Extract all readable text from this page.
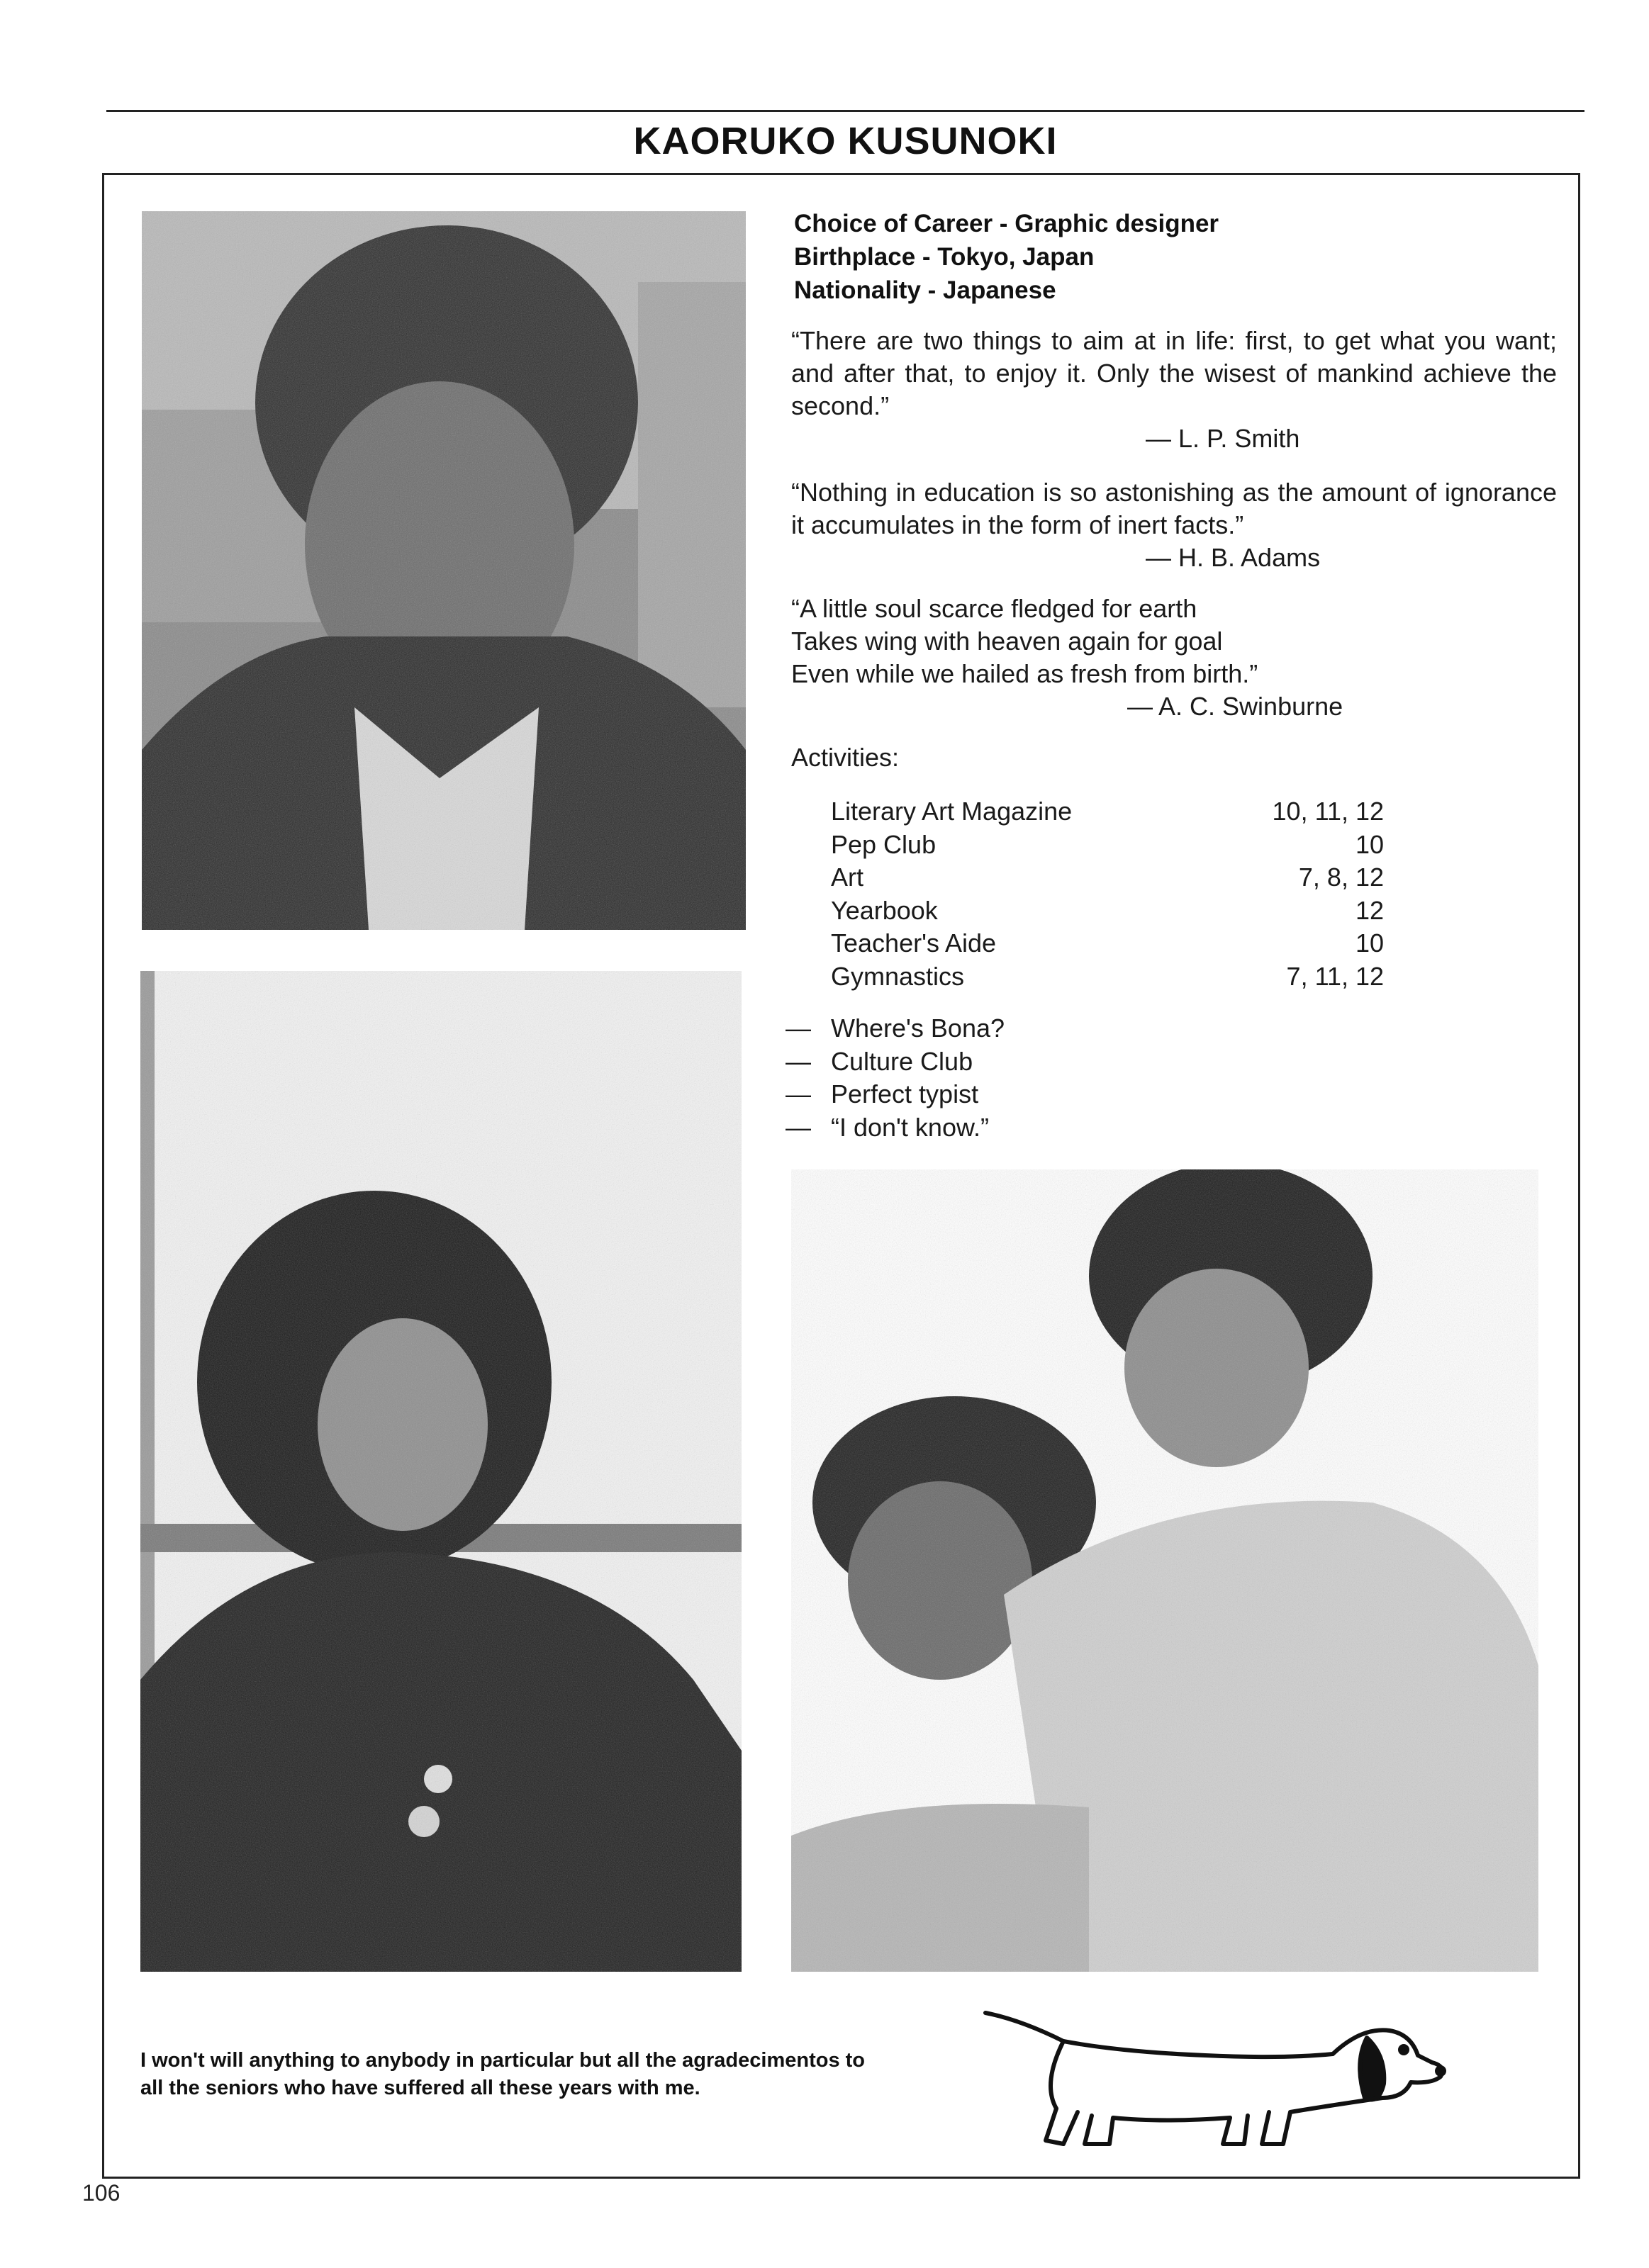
KAORUKO KUSUNOKI
Choice of Career - Graphic designer
Birthplace - Tokyo, Japan
Nationality - Japanese
“There are two things to aim at in life: first, to get what you want; and after that, to enjoy it. Only the wisest of mankind achieve the second.”
— L. P. Smith
“Nothing in education is so astonishing as the amount of ignorance it accumulates in the form of inert facts.”
— H. B. Adams
“A little soul scarce fledged for earth
Takes wing with heaven again for goal
Even while we hailed as fresh from birth.”
— A. C. Swinburne
Activities:
Literary Art Magazine	10, 11, 12
Pep Club	10
Art	7, 8, 12
Yearbook	12
Teacher's Aide	10
Gymnastics	7, 11, 12
— Where's Bona?
— Culture Club
— Perfect typist
— “I don't know.”
I won't will anything to anybody in particular but all the agradecimentos to all the seniors who have suffered all these years with me.
106
